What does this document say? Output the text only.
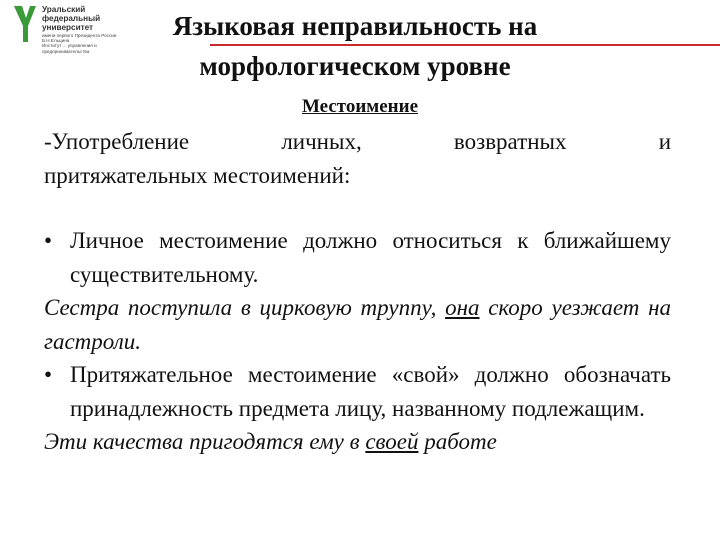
Уральский
федеральный
университет
имени первого Президента России Б.Н.Ельцина
Институт ... управления и предпринимательства
Языковая неправильность на
морфологическом уровне
Местоимение

-Употребление личных, возвратных и

притяжательных местоимений:

• Личное местоимение должно относиться к ближайшему существительному.

Сестра поступила в цирковую труппу, она скоро уезжает на гастроли.

• Притяжательное местоимение «свой» должно обозначать принадлежность предмета лицу, названному подлежащим.

Эти качества пригодятся ему в своей работе
